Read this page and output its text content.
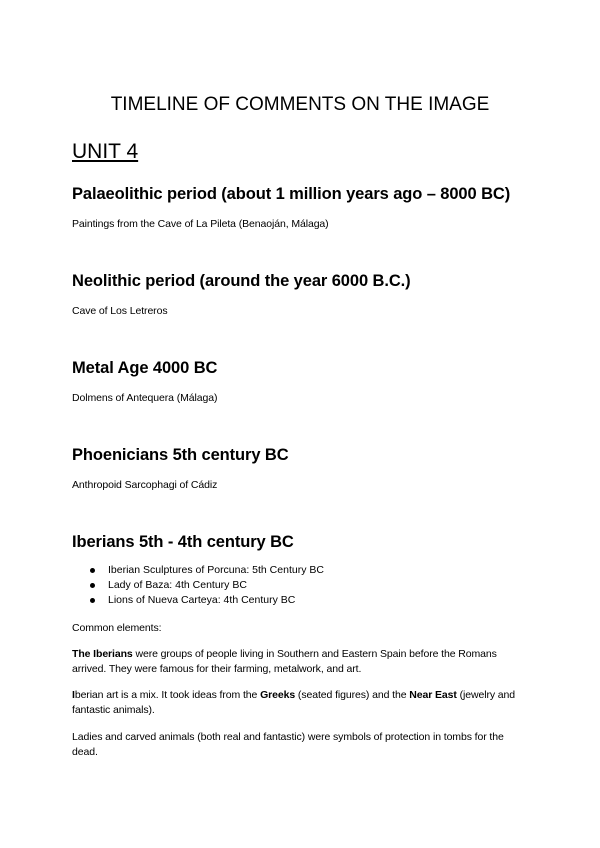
TIMELINE OF COMMENTS ON THE IMAGE
UNIT 4
Palaeolithic period (about 1 million years ago – 8000 BC)
Paintings from the Cave of La Pileta (Benaoján, Málaga)
Neolithic period (around the year 6000 B.C.)
Cave of Los Letreros
Metal Age 4000 BC
Dolmens of Antequera (Málaga)
Phoenicians 5th century BC
Anthropoid Sarcophagi of Cádiz
Iberians 5th - 4th century BC
Iberian Sculptures of Porcuna: 5th Century BC
Lady of Baza: 4th Century BC
Lions of Nueva Carteya: 4th Century BC
Common elements:
The Iberians were groups of people living in Southern and Eastern Spain before the Romans arrived. They were famous for their farming, metalwork, and art.
Iberian art is a mix. It took ideas from the Greeks (seated figures) and the Near East (jewelry and fantastic animals).
Ladies and carved animals (both real and fantastic) were symbols of protection in tombs for the dead.
